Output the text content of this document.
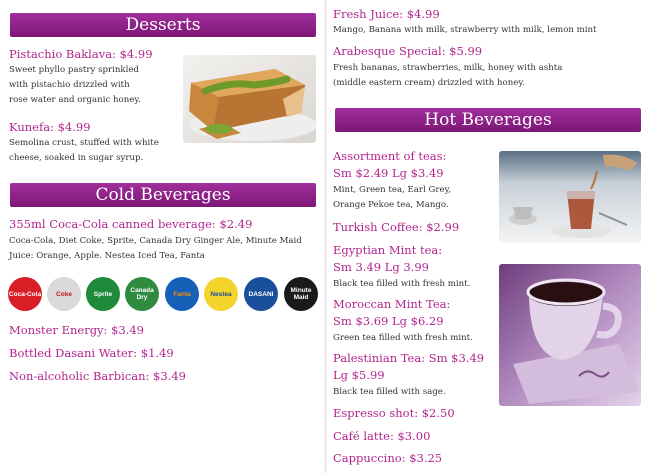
Desserts
Pistachio Baklava: $4.99
Sweet phyllo pastry sprinkled
with pistachio drizzled with
rose water and organic honey.
Kunefa: $4.99
Semolina crust, stuffed with white
cheese, soaked in sugar syrup.
Cold Beverages
355ml Coca-Cola canned beverage: $2.49
Coca-Cola, Diet Coke, Sprite, Canada Dry Ginger Ale, Minute Maid
Juice: Orange, Apple. Nestea Iced Tea, Fanta
Coca-Cola	Coke	Sprite	Canada Dry	Fanta	Nestea	DASANI	Minute Maid
Monster Energy: $3.49
Bottled Dasani Water: $1.49
Non-alcoholic Barbican: $3.49
Fresh Juice: $4.99
Mango, Banana with milk, strawberry with milk, lemon mint
Arabesque Special: $5.99
Fresh bananas, strawberries, milk, honey with ashta
(middle eastern cream) drizzled with honey.
Hot Beverages
Assortment of teas:
Sm $2.49 Lg $3.49
Mint, Green tea, Earl Grey,
Orange Pekoe tea, Mango.
Turkish Coffee: $2.99
Egyptian Mint tea:
Sm 3.49 Lg 3.99
Black tea filled with fresh mint.
Moroccan Mint Tea:
Sm $3.69 Lg $6.29
Green tea filled with fresh mint.
Palestinian Tea: Sm $3.49
Lg $5.99
Black tea filled with sage.
Espresso shot: $2.50
Café latte: $3.00
Cappuccino: $3.25
